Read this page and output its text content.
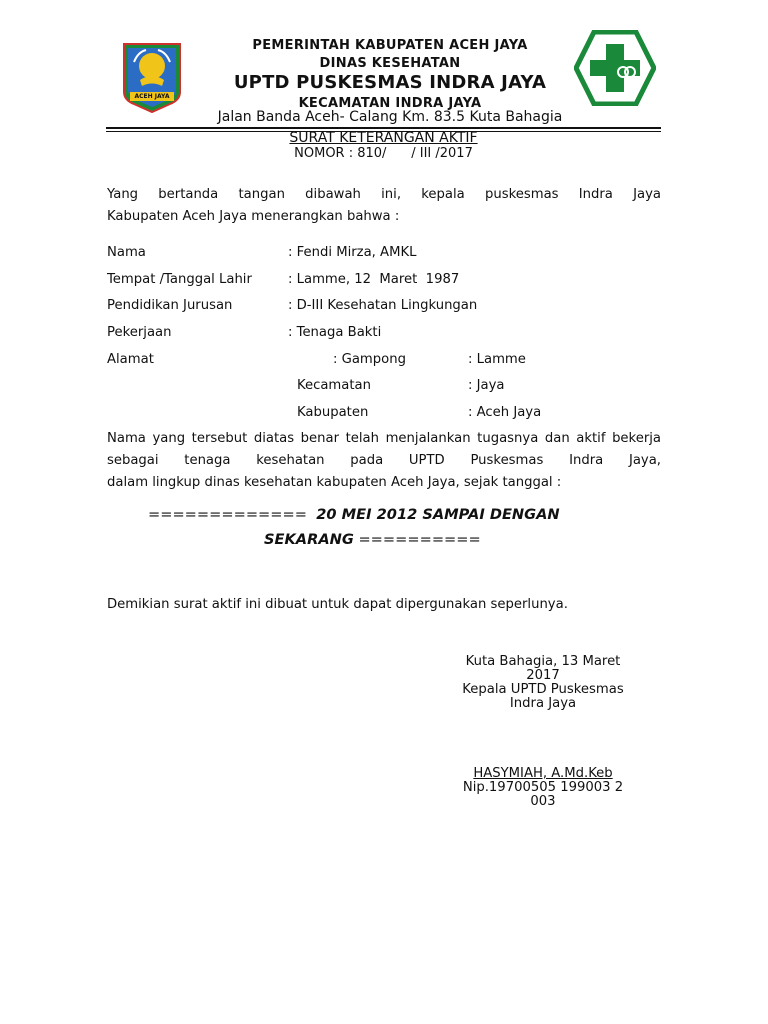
ACEH JAYA
PEMERINTAH KABUPATEN ACEH JAYA
DINAS KESEHATAN
UPTD PUSKESMAS INDRA JAYA
KECAMATAN INDRA JAYA
Jalan Banda Aceh- Calang Km. 83.5 Kuta Bahagia
SURAT KETERANGAN AKTIF
NOMOR : 810/      / III /2017
Yang bertanda tangan dibawah ini, kepala puskesmas Indra Jaya
Kabupaten Aceh Jaya menerangkan bahwa :
Nama	: Fendi Mirza, AMKL
Tempat /Tanggal Lahir	: Lamme, 12  Maret  1987
Pendidikan Jurusan	: D-III Kesehatan Lingkungan
Pekerjaan	: Tenaga Bakti
Alamat	: Gampong	: Lamme
Kecamatan	: Jaya
Kabupaten	: Aceh Jaya
Nama yang tersebut diatas benar telah menjalankan tugasnya dan aktif bekerja sebagai tenaga kesehatan pada UPTD Puskesmas Indra Jaya,
dalam lingkup dinas kesehatan kabupaten Aceh Jaya, sejak tanggal :
=============  20 MEI 2012 SAMPAI DENGAN
SEKARANG ==========
Demikian surat aktif ini dibuat untuk dapat dipergunakan seperlunya.
Kuta Bahagia, 13 Maret
2017
Kepala UPTD Puskesmas
Indra Jaya
HASYMIAH, A.Md.Keb
Nip.19700505 199003 2
003
